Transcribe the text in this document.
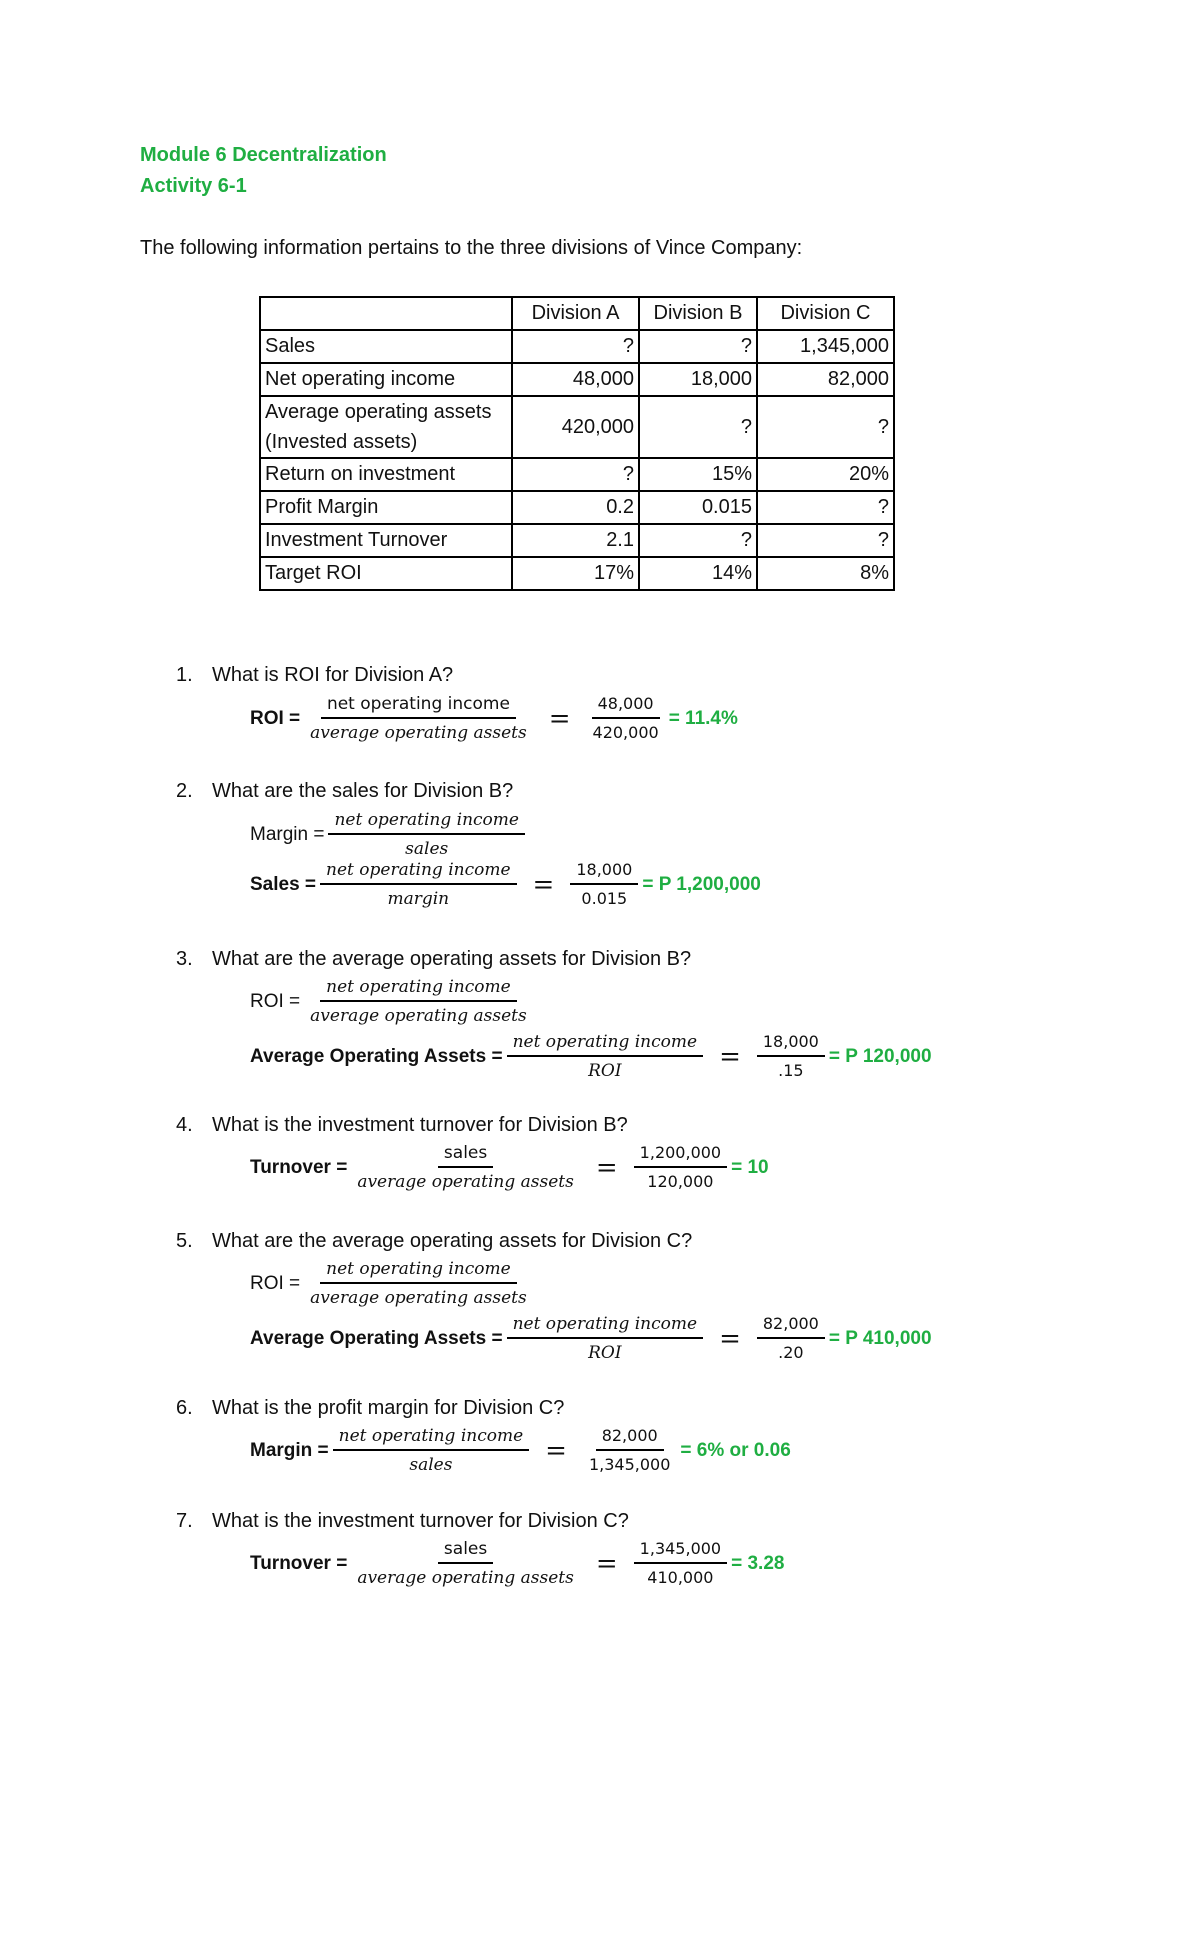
Module 6 Decentralization
Activity 6-1
The following information pertains to the three divisions of Vince Company:
	Division A	Division B	Division C
Sales	?	?	1,345,000
Net operating income	48,000	18,000	82,000
Average operating assets
(Invested assets)	420,000	?	?
Return on investment	?	15%	20%
Profit Margin	0.2	0.015	?
Investment Turnover	2.1	?	?
Target ROI	17%	14%	8%
1. What is ROI for Division A?
ROI = $\frac{\text{net operating income}}{\text{average operating assets}} = \frac{48,000}{420,000} = 11.4\%$
2. What are the sales for Division B?
Margin = $\frac{\text{net operating income}}{\text{sales}}$
Sales = $\frac{\text{net operating income}}{\text{margin}} = \frac{18,000}{0.015} = P$ 1,200,000
3. What are the average operating assets for Division B?
ROI = $\frac{\text{net operating income}}{\text{average operating assets}}$
Average Operating Assets = $\frac{\text{net operating income}}{\text{ROI}} = \frac{18,000}{.15} = P$ 120,000
4. What is the investment turnover for Division B?
Turnover = $\frac{\text{sales}}{\text{average operating assets}} = \frac{1,200,000}{120,000} = 10$
5. What are the average operating assets for Division C?
ROI = $\frac{\text{net operating income}}{\text{average operating assets}}$
Average Operating Assets = $\frac{\text{net operating income}}{\text{ROI}} = \frac{82,000}{.20} = P$ 410,000
6. What is the profit margin for Division C?
Margin = $\frac{\text{net operating income}}{\text{sales}} = \frac{82,000}{1,345,000} = 6\%$ or 0.06
7. What is the investment turnover for Division C?
Turnover = $\frac{\text{sales}}{\text{average operating assets}} = \frac{1,345,000}{410,000} = 3.28$
